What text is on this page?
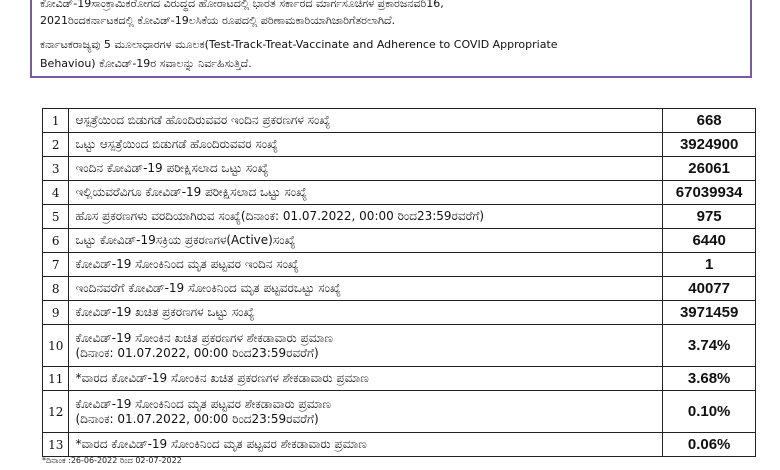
ಕೋವಿಡ್‌-19ಸಾಂಕ್ರಾಮಿಕರೋಗದ ವಿರುದ್ಧದ ಹೋರಾಟದಲ್ಲಿ ಭಾರತ ಸರ್ಕಾರದ ಮಾರ್ಗಸೂಚಿಗಳ ಪ್ರಕಾರಜನವರಿ16,

2021ರಿಂದಕರ್ನಾಟಕದಲ್ಲಿ ಕೋವಿಡ್‌-19ಲಸಿಕೆಯ ರೂಪದಲ್ಲಿ ಪರಿಣಾಮಕಾರಿಯಾಗಿಜಾರಿಗೆತರಲಾಗಿದೆ.

ಕರ್ನಾಟಕರಾಜ್ಯವು 5 ಮೂಲಾಧಾರಗಳ ಮೂಲಕ(Test-Track-Treat-Vaccinate and Adherence to COVID Appropriate

Behaviou) ಕೋವಿಡ್‌-19ರ ಸವಾಲನ್ನು ನಿರ್ವಹಿಸುತ್ತಿದೆ.

1	ಆಸ್ಪತ್ರೆಯಿಂದ ಬಿಡುಗಡೆ ಹೊಂದಿರುವವರ ಇಂದಿನ ಪ್ರಕರಣಗಳ ಸಂಖ್ಯೆ	668
2	ಒಟ್ಟು ಆಸ್ಪತ್ರೆಯಿಂದ ಬಿಡುಗಡೆ ಹೊಂದಿರುವವರ ಸಂಖ್ಯೆ	3924900
3	ಇಂದಿನ ಕೋವಿಡ್‌-19 ಪರೀಕ್ಷಿಸಲಾದ ಒಟ್ಟು ಸಂಖ್ಯೆ	26061
4	ಇಲ್ಲಿಯವರೆವಿಗೂ ಕೋವಿಡ್‌-19 ಪರೀಕ್ಷಿಸಲಾದ ಒಟ್ಟು ಸಂಖ್ಯೆ	67039934
5	ಹೊಸ ಪ್ರಕರಣಗಳು ವರದಿಯಾಗಿರುವ ಸಂಖ್ಯೆ(ದಿನಾಂಕ: 01.07.2022, 00:00 ರಿಂದ23:59ರವರೆಗೆ)	975
6	ಒಟ್ಟು ಕೋವಿಡ್‌-19ಸಕ್ರಿಯ ಪ್ರಕರಣಗಳ(Active)ಸಂಖ್ಯೆ	6440
7	ಕೋವಿಡ್‌-19 ಸೋಂಕಿನಿಂದ ಮೃತ ಪಟ್ಟವರ ಇಂದಿನ ಸಂಖ್ಯೆ	1
8	ಇಂದಿನವರೆಗೆ ಕೋವಿಡ್‌-19 ಸೋಂಕಿನಿಂದ ಮೃತ ಪಟ್ಟವರಒಟ್ಟು ಸಂಖ್ಯೆ	40077
9	ಕೋವಿಡ್‌-19 ಖಚಿತ ಪ್ರಕರಣಗಳ ಒಟ್ಟು ಸಂಖ್ಯೆ	3971459
10	ಕೋವಿಡ್‌-19 ಸೋಂಕಿನ ಖಚಿತ ಪ್ರಕರಣಗಳ ಶೇಕಡಾವಾರು ಪ್ರಮಾಣ
(ದಿನಾಂಕ: 01.07.2022, 00:00 ರಿಂದ23:59ರವರೆಗೆ)	3.74%
11	*ವಾರದ ಕೋವಿಡ್‌-19 ಸೋಂಕಿನ ಖಚಿತ ಪ್ರಕರಣಗಳ ಶೇಕಡಾವಾರು ಪ್ರಮಾಣ	3.68%
12	ಕೋವಿಡ್‌-19 ಸೋಂಕಿನಿಂದ ಮೃತ ಪಟ್ಟವರ ಶೇಕಡಾವಾರು ಪ್ರಮಾಣ
(ದಿನಾಂಕ: 01.07.2022, 00:00 ರಿಂದ23:59ರವರೆಗೆ)	0.10%
13	*ವಾರದ ಕೋವಿಡ್‌-19 ಸೋಂಕಿನಿಂದ ಮೃತ ಪಟ್ಟವರ ಶೇಕಡಾವಾರು ಪ್ರಮಾಣ	0.06%
*ದಿನಾಂಕ :26-06-2022 ರಿಂದ 02-07-2022
